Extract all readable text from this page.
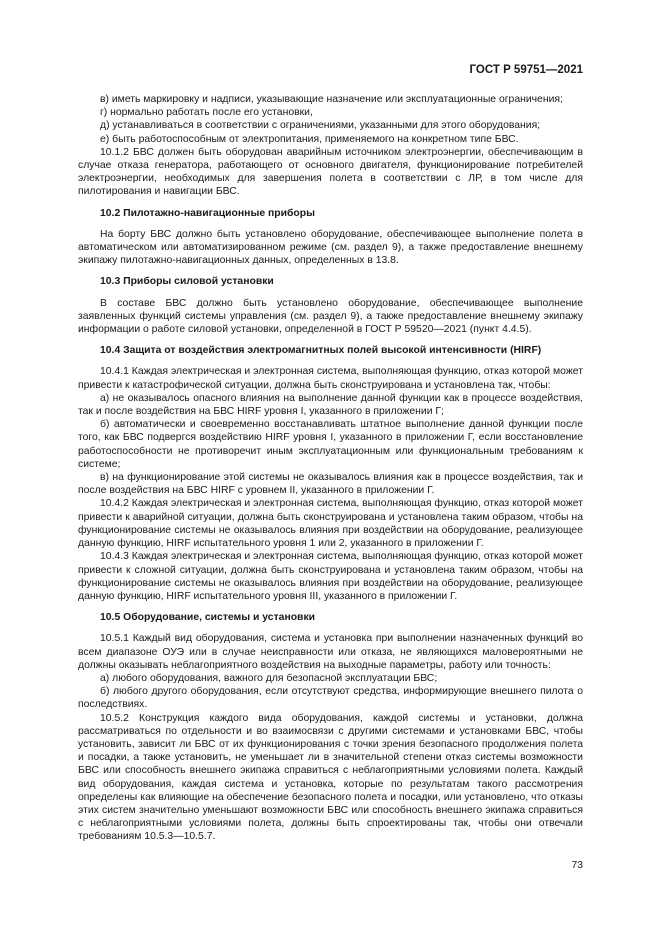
ГОСТ Р 59751—2021

в) иметь маркировку и надписи, указывающие назначение или эксплуатационные ограничения;

г) нормально работать после его установки,

д) устанавливаться в соответствии с ограничениями, указанными для этого оборудования;

е) быть работоспособным от электропитания, применяемого на конкретном типе БВС.

10.1.2 БВС должен быть оборудован аварийным источником электроэнергии, обеспечивающим в случае отказа генератора, работающего от основного двигателя, функционирование потребителей электроэнергии, необходимых для завершения полета в соответствии с ЛР, в том числе для пилотирования и навигации БВС.

10.2 Пилотажно-навигационные приборы

На борту БВС должно быть установлено оборудование, обеспечивающее выполнение полета в автоматическом или автоматизированном режиме (см. раздел 9), а также предоставление внешнему экипажу пилотажно-навигационных данных, определенных в 13.8.

10.3 Приборы силовой установки

В составе БВС должно быть установлено оборудование, обеспечивающее выполнение заявленных функций системы управления (см. раздел 9), а также предоставление внешнему экипажу информации о работе силовой установки, определенной в ГОСТ Р 59520—2021 (пункт 4.4.5).

10.4 Защита от воздействия электромагнитных полей высокой интенсивности (HIRF)

10.4.1 Каждая электрическая и электронная система, выполняющая функцию, отказ которой может привести к катастрофической ситуации, должна быть сконструирована и установлена так, чтобы:

а) не оказывалось опасного влияния на выполнение данной функции как в процессе воздействия, так и после воздействия на БВС HIRF уровня I, указанного в приложении Г;

б) автоматически и своевременно восстанавливать штатное выполнение данной функции после того, как БВС подвергся воздействию HIRF уровня I, указанного в приложении Г, если восстановление работоспособности не противоречит иным эксплуатационным или функциональным требованиям к системе;

в) на функционирование этой системы не оказывалось влияния как в процессе воздействия, так и после воздействия на БВС HIRF с уровнем II, указанного в приложении Г.

10.4.2 Каждая электрическая и электронная система, выполняющая функцию, отказ которой может привести к аварийной ситуации, должна быть сконструирована и установлена таким образом, чтобы на функционирование системы не оказывалось влияния при воздействии на оборудование, реализующее данную функцию, HIRF испытательного уровня 1 или 2, указанного в приложении Г.

10.4.3 Каждая электрическая и электронная система, выполняющая функцию, отказ которой может привести к сложной ситуации, должна быть сконструирована и установлена таким образом, чтобы на функционирование системы не оказывалось влияния при воздействии на оборудование, реализующее данную функцию, HIRF испытательного уровня III, указанного в приложении Г.

10.5 Оборудование, системы и установки

10.5.1 Каждый вид оборудования, система и установка при выполнении назначенных функций во всем диапазоне ОУЭ или в случае неисправности или отказа, не являющихся маловероятными не должны оказывать неблагоприятного воздействия на выходные параметры, работу или точность:

а) любого оборудования, важного для безопасной эксплуатации БВС;

б) любого другого оборудования, если отсутствуют средства, информирующие внешнего пилота о последствиях.

10.5.2 Конструкция каждого вида оборудования, каждой системы и установки, должна рассматриваться по отдельности и во взаимосвязи с другими системами и установками БВС, чтобы установить, зависит ли БВС от их функционирования с точки зрения безопасного продолжения полета и посадки, а также установить, не уменьшает ли в значительной степени отказ системы возможности БВС или способность внешнего экипажа справиться с неблагоприятными условиями полета. Каждый вид оборудования, каждая система и установка, которые по результатам такого рассмотрения определены как влияющие на обеспечение безопасного полета и посадки, или установлено, что отказы этих систем значительно уменьшают возможности БВС или способность внешнего экипажа справиться с неблагоприятными условиями полета, должны быть спроектированы так, чтобы они отвечали требованиям 10.5.3—10.5.7.

73
